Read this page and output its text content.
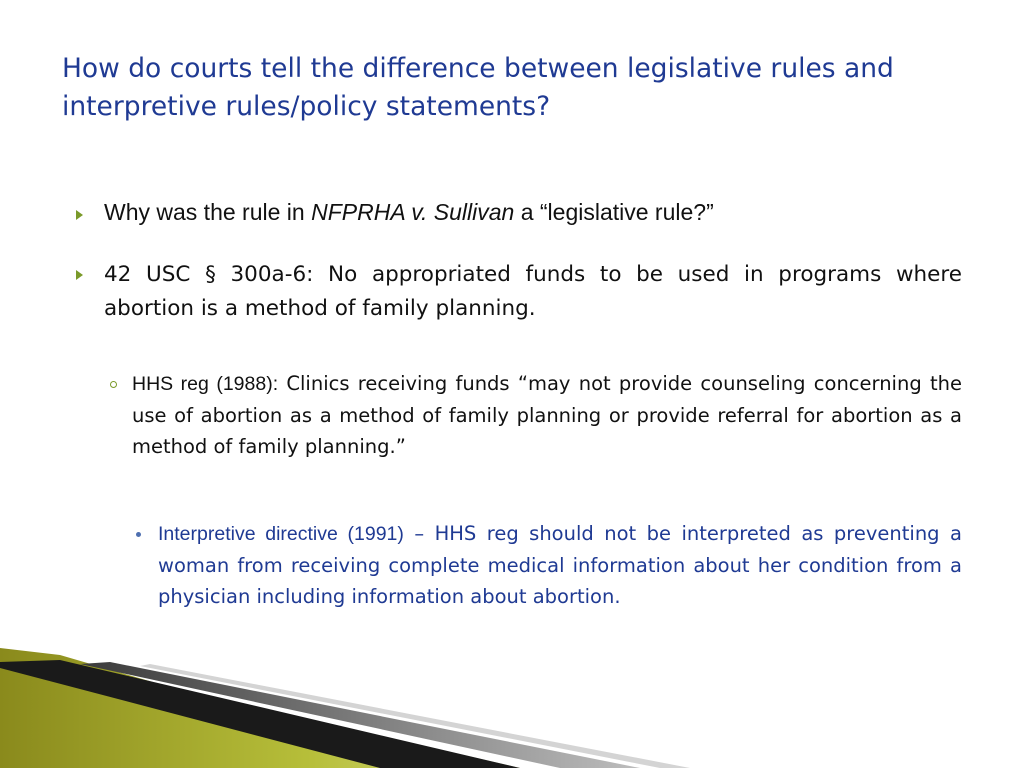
How do courts tell the difference between legislative rules and interpretive rules/policy statements?
Why was the rule in NFPRHA v. Sullivan a “legislative rule?”
42 USC § 300a-6: No appropriated funds to be used in programs where abortion is a method of family planning.
HHS reg (1988): Clinics receiving funds “may not provide counseling concerning the use of abortion as a method of family planning or provide referral for abortion as a method of family planning.”
Interpretive directive (1991) – HHS reg should not be interpreted as preventing a woman from receiving complete medical information about her condition from a physician including information about abortion.
